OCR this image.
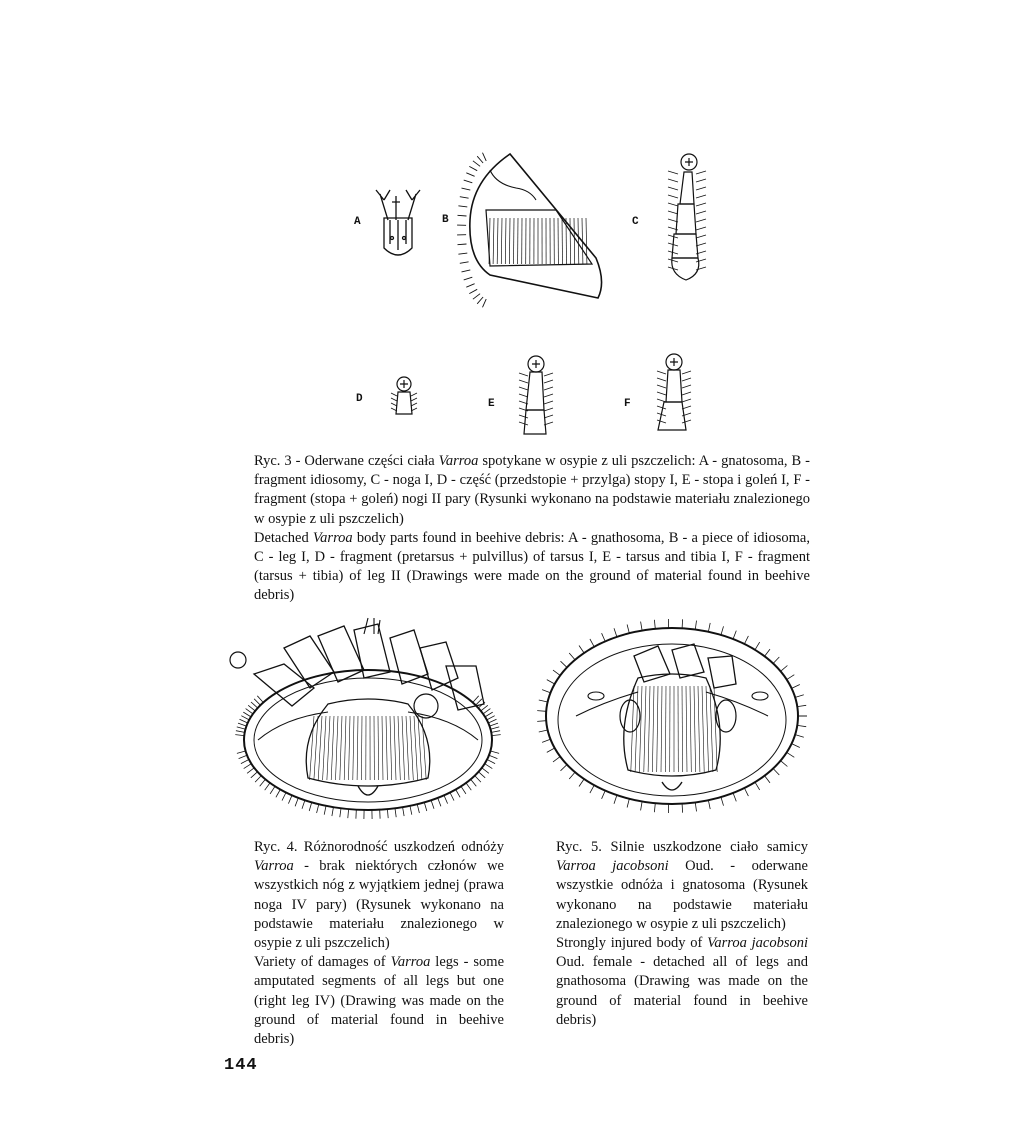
A	B	C
D	E	F

Ryc. 3 - Oderwane części ciała Varroa spotykane w osypie z uli pszczelich: A - gnatosoma, B - fragment idiosomy, C - noga I, D - część (przedstopie + przylga) stopy I, E - stopa i goleń I, F - fragment (stopa + goleń) nogi II pary (Rysunki wykonano na podstawie materiału znalezionego w osypie z uli pszczelich)

Detached Varroa body parts found in beehive debris: A - gnathosoma, B - a piece of idiosoma, C - leg I, D - fragment (pretarsus + pulvillus) of tarsus I, E - tarsus and tibia I, F - fragment (tarsus + tibia) of leg II (Drawings were made on the ground of material found in beehive debris)

Ryc. 4. Różnorodność uszkodzeń odnóży Varroa - brak niektórych członów we wszystkich nóg z wyjątkiem jednej (prawa noga IV pary) (Rysunek wykonano na podstawie materiału znalezionego w osypie z uli pszczelich)

Variety of damages of Varroa legs - some amputated segments of all legs but one (right leg IV) (Drawing was made on the ground of material found in beehive debris)

Ryc. 5. Silnie uszkodzone ciało samicy Varroa jacobsoni Oud. - oderwane wszystkie odnóża i gnatosoma (Rysunek wykonano na podstawie materiału znalezionego w osypie z uli pszczelich)

Strongly injured body of Varroa jacobsoni Oud. female - detached all of legs and gnathosoma (Drawing was made on the ground of material found in beehive debris)

144
